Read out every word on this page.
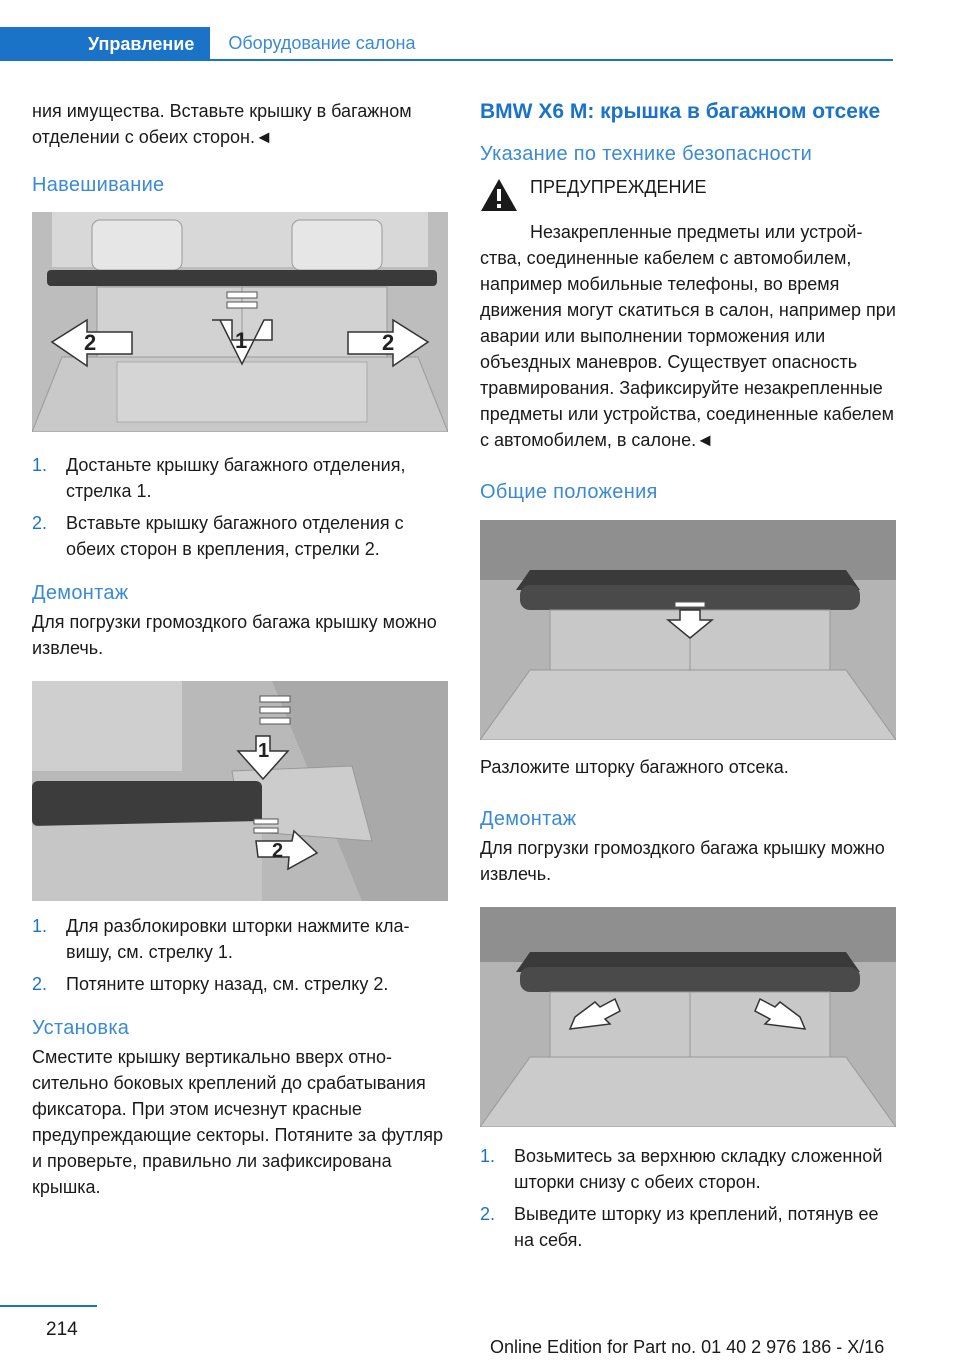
Управление	Оборудование салона

ния имущества. Вставьте крышку в багажном отделении с обеих сторон.◄

Навешивание
2	1	2
1.	Достаньте крышку багажного отделения, стрелка 1.
2.	Вставьте крышку багажного отделения с обеих сторон в крепления, стрелки 2.
Демонтаж

Для погрузки громоздкого багажа крышку можно извлечь.

1
2
1.	Для разблокировки шторки нажмите клавишу, см. стрелку 1.
2.	Потяните шторку назад, см. стрелку 2.
Установка

Сместите крышку вертикально вверх относительно боковых креплений до срабатывания фиксатора. При этом исчезнут красные предупреждающие секторы. Потяните за футляр и проверьте, правильно ли зафиксирована крышка.

BMW X6 M: крышка в багажном отсеке
Указание по технике безопасности

ПРЕДУПРЕЖДЕНИЕ

Незакрепленные предметы или устройства, соединенные кабелем с автомобилем, например мобильные телефоны, во время движения могут скатиться в салон, например при аварии или выполнении торможения или объездных маневров. Существует опасность травмирования. Зафиксируйте незакрепленные предметы или устройства, соединенные кабелем с автомобилем, в салоне.◄

Общие положения

Разложите шторку багажного отсека.

Демонтаж

Для погрузки громоздкого багажа крышку можно извлечь.

1.	Возьмитесь за верхнюю складку сложенной шторки снизу с обеих сторон.
2.	Выведите шторку из креплений, потянув ее на себя.
214
Online Edition for Part no. 01 40 2 976 186 - X/16
